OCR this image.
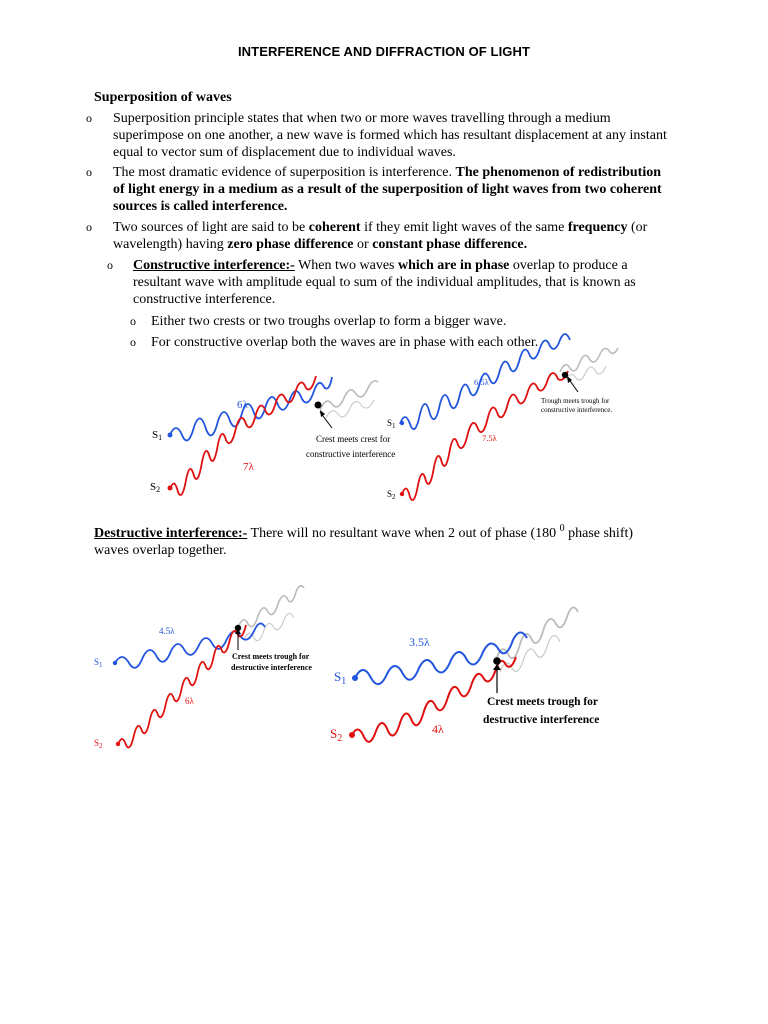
INTERFERENCE AND DIFFRACTION OF LIGHT
Superposition of waves
o Superposition principle states that when two or more waves travelling through a medium superimpose on one another, a new wave is formed which has resultant displacement at any instant equal to vector sum of displacement due to individual waves.
o The most dramatic evidence of superposition is interference. The phenomenon of redistribution of light energy in a medium as a result of the superposition of light waves from two coherent sources is called interference.
o Two sources of light are said to be coherent if they emit light waves of the same frequency (or wavelength) having zero phase difference or constant phase difference.
o Constructive interference:- When two waves which are in phase overlap to produce a resultant wave with amplitude equal to sum of the individual amplitudes, that is known as constructive interference.
o Either two crests or two troughs overlap to form a bigger wave.
o For constructive overlap both the waves are in phase with each other.
S1
S2
6λ
7λ
Crest meets crest for
constructive interference
$S_1$
$S_2$
6.5λ
7.5λ
Trough meets trough for
constructive interference.
$S_1$
$S_2$
4.5λ
6λ
Crest meets trough for
destructive interference
$S_1$
$S_2$
3.5λ
4λ
Crest meets trough for
destructive interference
Destructive interference:- There will no resultant wave when 2 out of phase (180 $^0$ phase shift) waves overlap together.
